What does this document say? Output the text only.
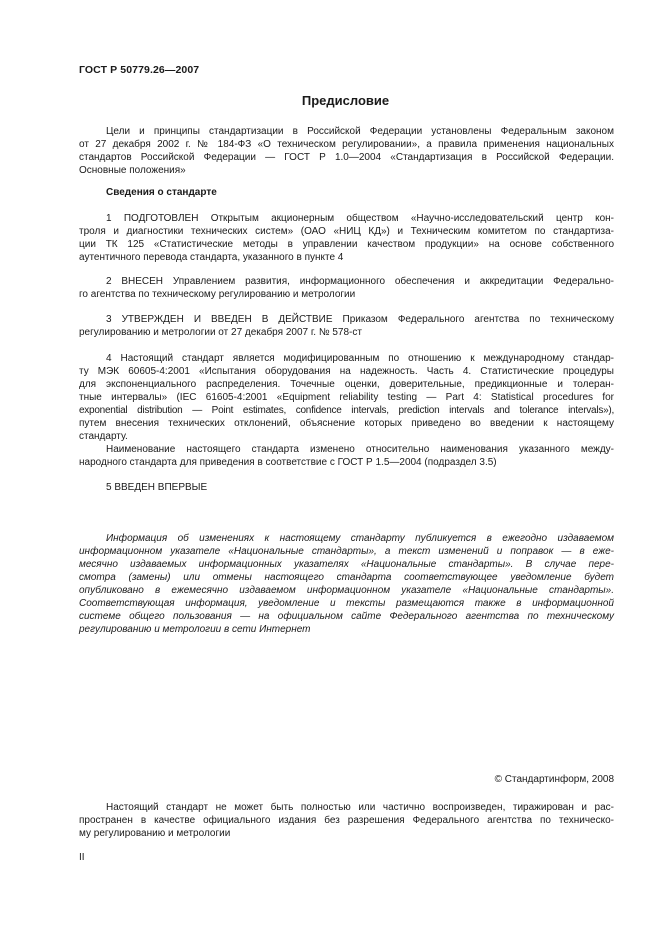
ГОСТ Р 50779.26—2007
Предисловие
Цели и принципы стандартизации в Российской Федерации установлены Федеральным законом
от 27 декабря 2002 г. № 184-ФЗ «О техническом регулировании», а правила применения национальных
стандартов Российской Федерации — ГОСТ Р 1.0—2004 «Стандартизация в Российской Федерации.
Основные положения»
Сведения о стандарте
1 ПОДГОТОВЛЕН Открытым акционерным обществом «Научно-исследовательский центр кон-
троля и диагностики технических систем» (ОАО «НИЦ КД») и Техническим комитетом по стандартиза-
ции ТК 125 «Статистические методы в управлении качеством продукции» на основе собственного
аутентичного перевода стандарта, указанного в пункте 4
2 ВНЕСЕН Управлением развития, информационного обеспечения и аккредитации Федерально-
го агентства по техническому регулированию и метрологии
3 УТВЕРЖДЕН И ВВЕДЕН В ДЕЙСТВИЕ Приказом Федерального агентства по техническому
регулированию и метрологии от 27 декабря 2007 г. № 578-ст
4 Настоящий стандарт является модифицированным по отношению к международному стандар-
ту МЭК 60605-4:2001 «Испытания оборудования на надежность. Часть 4. Статистические процедуры
для экспоненциального распределения. Точечные оценки, доверительные, предикционные и толеран-
тные интервалы» (IEC 61605-4:2001 «Equipment reliability testing — Part 4: Statistical procedures for
exponential distribution — Point estimates, confidence intervals, prediction intervals and tolerance intervals»),
путем внесения технических отклонений, объяснение которых приведено во введении к настоящему
стандарту.
Наименование настоящего стандарта изменено относительно наименования указанного между-
народного стандарта для приведения в соответствие с ГОСТ Р 1.5—2004 (подраздел 3.5)
5 ВВЕДЕН ВПЕРВЫЕ
Информация об изменениях к настоящему стандарту публикуется в ежегодно издаваемом
информационном указателе «Национальные стандарты», а текст изменений и поправок — в еже-
месячно издаваемых информационных указателях «Национальные стандарты». В случае пере-
смотра (замены) или отмены настоящего стандарта соответствующее уведомление будет
опубликовано в ежемесячно издаваемом информационном указателе «Национальные стандарты».
Соответствующая информация, уведомление и тексты размещаются также в информационной
системе общего пользования — на официальном сайте Федерального агентства по техническому
регулированию и метрологии в сети Интернет
© Стандартинформ, 2008
Настоящий стандарт не может быть полностью или частично воспроизведен, тиражирован и рас-
пространен в качестве официального издания без разрешения Федерального агентства по техническо-
му регулированию и метрологии
II
